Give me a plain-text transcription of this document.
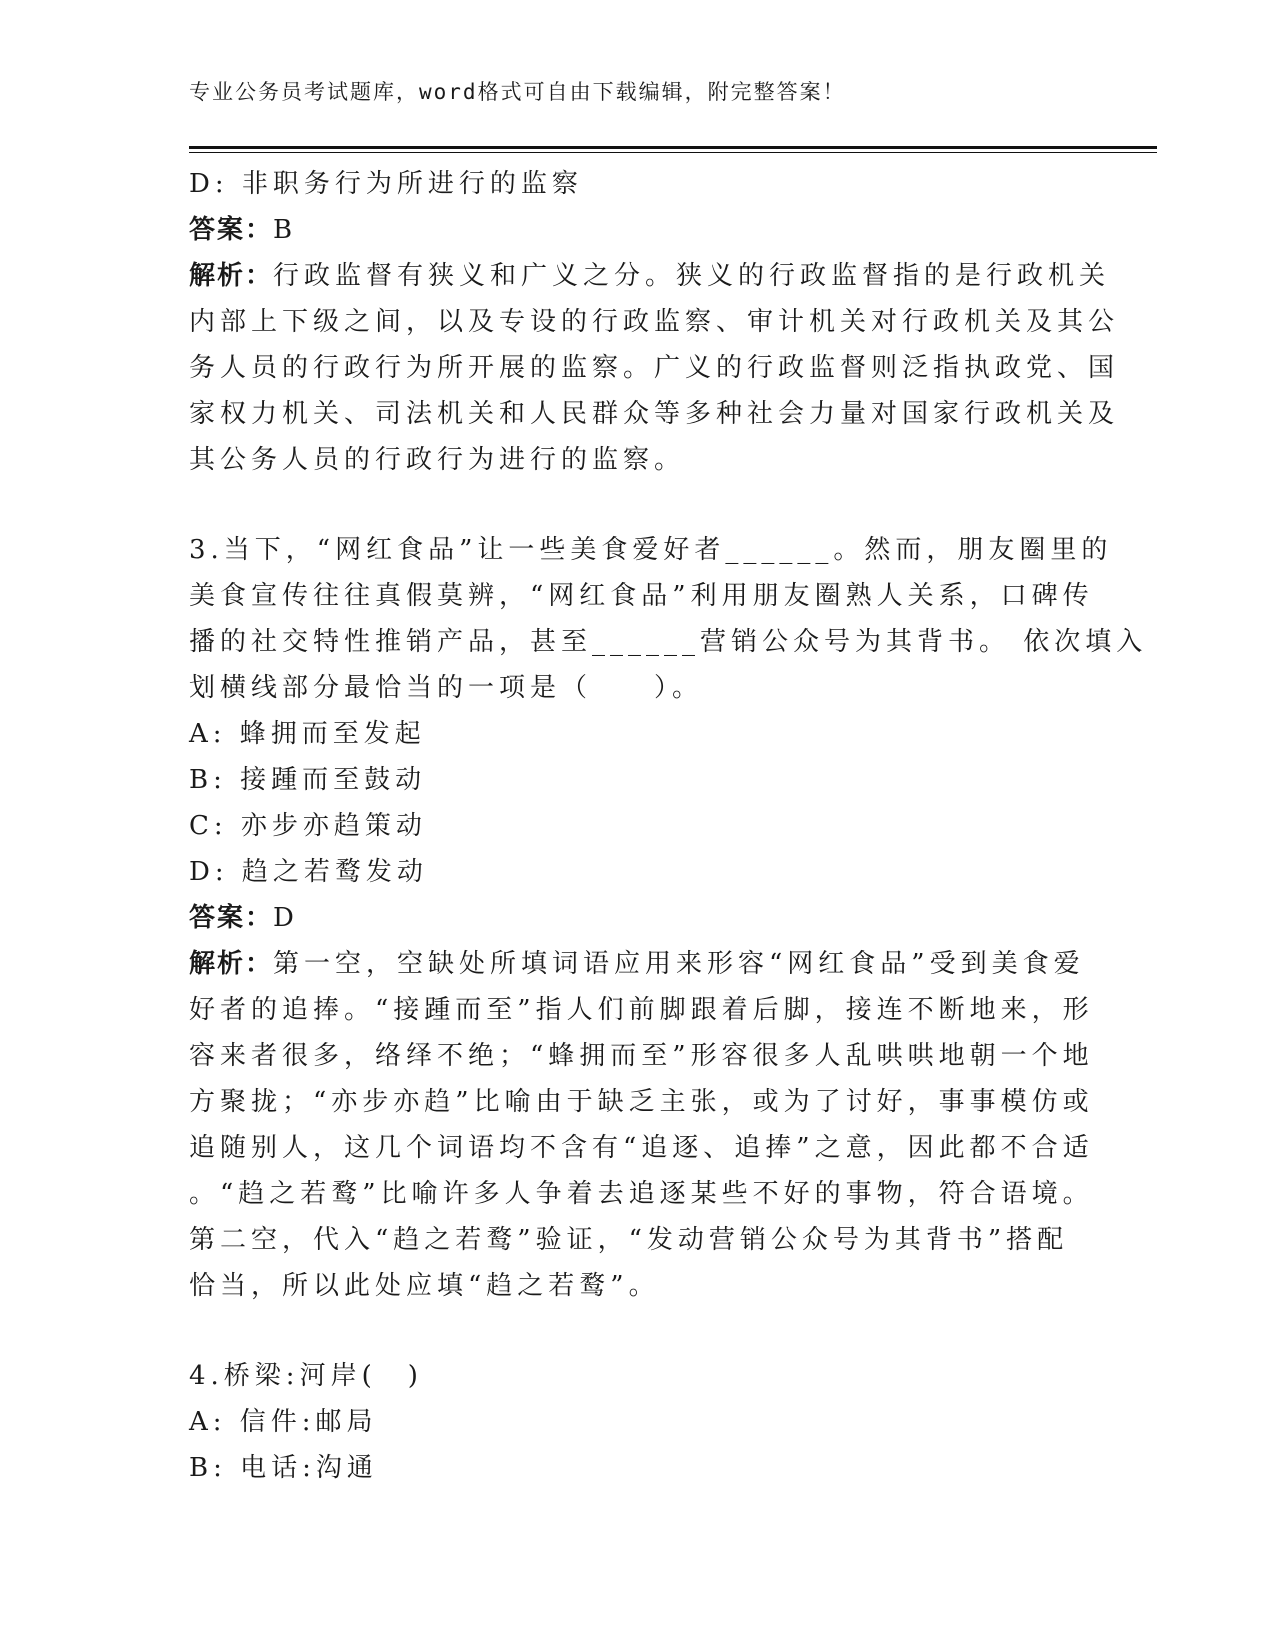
专业公务员考试题库，word格式可自由下载编辑，附完整答案！
D: 非职务行为所进行的监察
答案：B
解析：行政监督有狭义和广义之分。狭义的行政监督指的是行政机关
内部上下级之间，以及专设的行政监察、审计机关对行政机关及其公
务人员的行政行为所开展的监察。广义的行政监督则泛指执政党、国
家权力机关、司法机关和人民群众等多种社会力量对国家行政机关及
其公务人员的行政行为进行的监察。
3.当下，“网红食品”让一些美食爱好者______。然而，朋友圈里的
美食宣传往往真假莫辨，“网红食品”利用朋友圈熟人关系，口碑传
播的社交特性推销产品，甚至______营销公众号为其背书。 依次填入
划横线部分最恰当的一项是（　　）。
A: 蜂拥而至发起
B: 接踵而至鼓动
C: 亦步亦趋策动
D: 趋之若鹜发动
答案：D
解析：第一空，空缺处所填词语应用来形容“网红食品”受到美食爱
好者的追捧。“接踵而至”指人们前脚跟着后脚，接连不断地来，形
容来者很多，络绎不绝；“蜂拥而至”形容很多人乱哄哄地朝一个地
方聚拢；“亦步亦趋”比喻由于缺乏主张，或为了讨好，事事模仿或
追随别人，这几个词语均不含有“追逐、追捧”之意，因此都不合适
。“趋之若鹜”比喻许多人争着去追逐某些不好的事物，符合语境。
第二空，代入“趋之若鹜”验证，“发动营销公众号为其背书”搭配
恰当，所以此处应填“趋之若鹜”。
4.桥梁:河岸(　)
A: 信件:邮局
B: 电话:沟通
